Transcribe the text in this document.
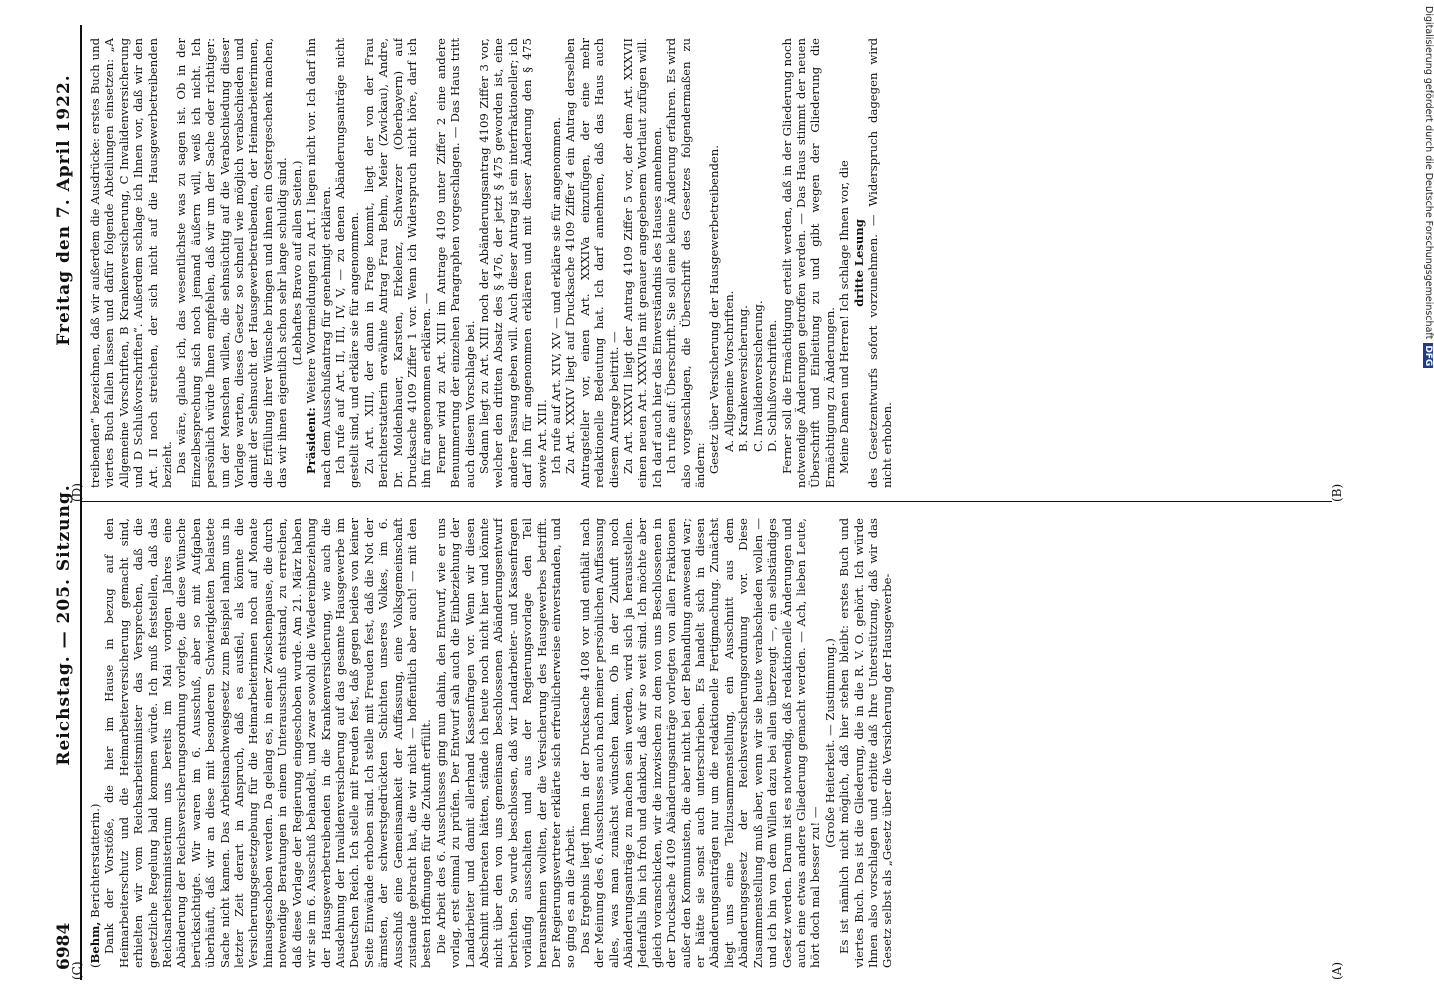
6984
Reichstag. — 205. Sitzung.
Freitag den 7. April 1922.

(Behm, Berichterstatterin.) Dank der Vorstöße, die hier im Hause in bezug auf den Heimarbeiterschutz und die Heimarbeiterversicherung gemacht sind, erhielten wir vom Reichsarbeitsminister das Versprechen, daß die gesetzliche Regelung bald kommen würde. Ich muß feststellen, daß das Reichsarbeitsministerium uns bereits im Mai vorigen Jahres eine Abänderung der Reichsversicherungsordnung vorlegte, die diese Wünsche berücksichtigte. Wir waren im 6. Ausschuß, aber so mit Aufgaben überhäuft, daß wir an diese mit besonderen Schwierigkeiten belastete Sache nicht kamen. Das Arbeitsnachweisgesetz zum Beispiel nahm uns in letzter Zeit derart in Anspruch, daß es ausfiel, als könnte die Versicherungsgesetzgebung für die Heimarbeiterinnen noch auf Monate hinausgeschoben werden. Da gelang es, in einer Zwischenpause, die durch notwendige Beratungen in einem Unterausschuß entstand, zu erreichen, daß diese Vorlage der Regierung eingeschoben wurde. Am 21. März haben wir sie im 6. Ausschuß behandelt, und zwar sowohl die Wiedereinbeziehung der Hausgewerbetreibenden in die Krankenversicherung, wie auch die Ausdehnung der Invalidenversicherung auf das gesamte Hausgewerbe im Deutschen Reich. Ich stelle mit Freuden fest, daß gegen beides von keiner Seite Einwände erhoben sind. Ich stelle mit Freuden fest, daß die Not der ärmsten, der schwerstgedrückten Schichten unseres Volkes, im 6. Ausschuß eine Gemeinsamkeit der Auffassung, eine Volksgemeinschaft zustande gebracht hat, die wir nicht — hoffentlich aber auch! — mit den besten Hoffnungen für die Zukunft erfüllt. Die Arbeit des 6. Ausschusses ging nun dahin, den Entwurf, wie er uns vorlag, erst einmal zu prüfen. Der Entwurf sah auch die Einbeziehung der Landarbeiter und damit allerhand Kassenfragen vor. Wenn wir diesen Abschnitt mitberaten hätten, stände ich heute noch nicht hier und könnte nicht über den von uns gemeinsam beschlossenen Abänderungsentwurf berichten. So wurde beschlossen, daß wir Landarbeiter- und Kassenfragen vorläufig ausschalten und aus der Regierungsvorlage den Teil herausnehmen wollten, der die Versicherung des Hausgewerbes betrifft. Der Regierungsvertreter erklärte sich erfreulicherweise einverstanden, und so ging es an die Arbeit. Das Ergebnis liegt Ihnen in der Drucksache 4108 vor und enthält nach der Meinung des 6. Ausschusses auch nach meiner persönlichen Auffassung alles, was man zunächst wünschen kann. Ob in der Zukunft noch Abänderungsanträge zu machen sein werden, wird sich ja herausstellen. Jedenfalls bin ich froh und dankbar, daß wir so weit sind. Ich möchte aber gleich voranschicken, wir die inzwischen zu dem von uns Beschlossenen in der Drucksache 4109 Abänderungsanträge vorlegten von allen Fraktionen außer den Kommunisten, die aber nicht bei der Behandlung anwesend war; er hätte sie sonst auch unterschrieben. Es handelt sich in diesen Abänderungsanträgen nur um die redaktionelle Fertigmachung. Zunächst liegt uns eine Teilzusammenstellung, ein Ausschnitt aus dem Abänderungsgesetz der Reichsversicherungsordnung vor. Diese Zusammenstellung muß aber, wenn wir sie heute verabschieden wollen — und ich bin von dem Willen dazu bei allen überzeugt —, ein selbständiges Gesetz werden. Darum ist es notwendig, daß redaktionelle Änderungen und auch eine etwas andere Gliederung gemacht werden. — Ach, lieben Leute, hört doch mal besser zu! —

(Große Heiterkeit. — Zustimmung.) Es ist nämlich nicht möglich, daß hier stehen bleibt: erstes Buch und viertes Buch. Das ist die Gliederung, die in die R. V. O. gehört. Ich würde Ihnen also vorschlagen und erbitte daß Ihre Unterstützung, daß wir das Gesetz selbst als „Gesetz über die Versicherung der Hausgewerbe-

treibenden“ bezeichnen, daß wir außerdem die Ausdrücke: erstes Buch und viertes Buch fallen lassen und dafür folgende Abteilungen einsetzen: „A Allgemeine Vorschriften, B Krankenversicherung, C Invalidenversicherung und D Schlußvorschriften“. Außerdem schlage ich Ihnen vor, daß wir den Art. II noch streichen, der sich nicht auf die Hausgewerbetreibenden bezieht. Das wäre, glaube ich, das wesentlichste was zu sagen ist. Ob in der Einzelbesprechung sich noch jemand äußern will, weiß ich nicht. Ich persönlich würde Ihnen empfehlen, daß wir um der Sache oder richtiger: um der Menschen willen, die sehnsüchtig auf die Verabschiedung dieser Vorlage warten, dieses Gesetz so schnell wie möglich verabschieden und damit der Sehnsucht der Hausgewerbetreibenden, der Heimarbeiterinnen, die Erfüllung ihrer Wünsche bringen und ihnen ein Ostergeschenk machen, das wir ihnen eigentlich schon sehr lange schuldig sind. (Lebhaftes Bravo auf allen Seiten.)

Präsident: Weitere Wortmeldungen zu Art. I liegen nicht vor. Ich darf ihn nach dem Ausschußantrag für genehmigt erklären. Ich rufe auf Art. II, III, IV, V, — zu denen Abänderungsanträge nicht gestellt sind, und erkläre sie für angenommen. Zu Art. XIII, der dann in Frage kommt, liegt der von der Frau Berichterstatterin erwähnte Antrag Frau Behm, Meier (Zwickau), Andre, Dr. Moldenhauer, Karsten, Erkelenz, Schwarzer (Oberbayern) auf Drucksache 4109 Ziffer 1 vor. Wenn ich Widerspruch nicht höre, darf ich ihn für angenommen erklären. — Ferner wird zu Art. XIII im Antrage 4109 unter Ziffer 2 eine andere Benummerung der einzelnen Paragraphen vorgeschlagen. — Das Haus tritt auch diesem Vorschlage bei. Sodann liegt zu Art. XIII noch der Abänderungsantrag 4109 Ziffer 3 vor, welcher den dritten Absatz des § 476, der jetzt § 475 geworden ist, eine andere Fassung geben will. Auch dieser Antrag ist ein interfraktioneller; ich darf ihn für angenommen erklären und mit dieser Änderung den § 475 sowie Art. XIII. Ich rufe auf Art. XIV, XV — und erkläre sie für angenommen. Zu Art. XXXIV liegt auf Drucksache 4109 Ziffer 4 ein Antrag derselben Antragsteller vor, einen Art. XXXIVa einzufügen, der eine mehr redaktionelle Bedeutung hat. Ich darf annehmen, daß das Haus auch diesem Antrage beitritt. — Zu Art. XXXVII liegt der Antrag 4109 Ziffer 5 vor, der dem Art. XXXVII einen neuen Art. XXXVIIa mit genauer angegebenem Wortlaut zufügen will. Ich darf auch hier das Einverständnis des Hauses annehmen. Ich rufe auf: Überschrift. Sie soll eine kleine Änderung erfahren. Es wird also vorgeschlagen, die Überschrift des Gesetzes folgendermaßen zu ändern: Gesetz über Versicherung der Hausgewerbetreibenden. A. Allgemeine Vorschriften. B. Krankenversicherung. C. Invalidenversicherung. D. Schlußvorschriften. Ferner soll die Ermächtigung erteilt werden, daß in der Gliederung noch notwendige Änderungen getroffen werden. — Das Haus stimmt der neuen Überschrift und Einleitung zu und gibt wegen der Gliederung die Ermächtigung zu Änderungen. Meine Damen und Herren! Ich schlage Ihnen vor, die dritte Lesung des Gesetzentwurfs sofort vorzunehmen. — Widerspruch dagegen wird nicht erhoben.

(A)
(B)
(C)
(D)
Digitalisierung gefördert durch die Deutsche ForschungsgemeinschaftDFG
